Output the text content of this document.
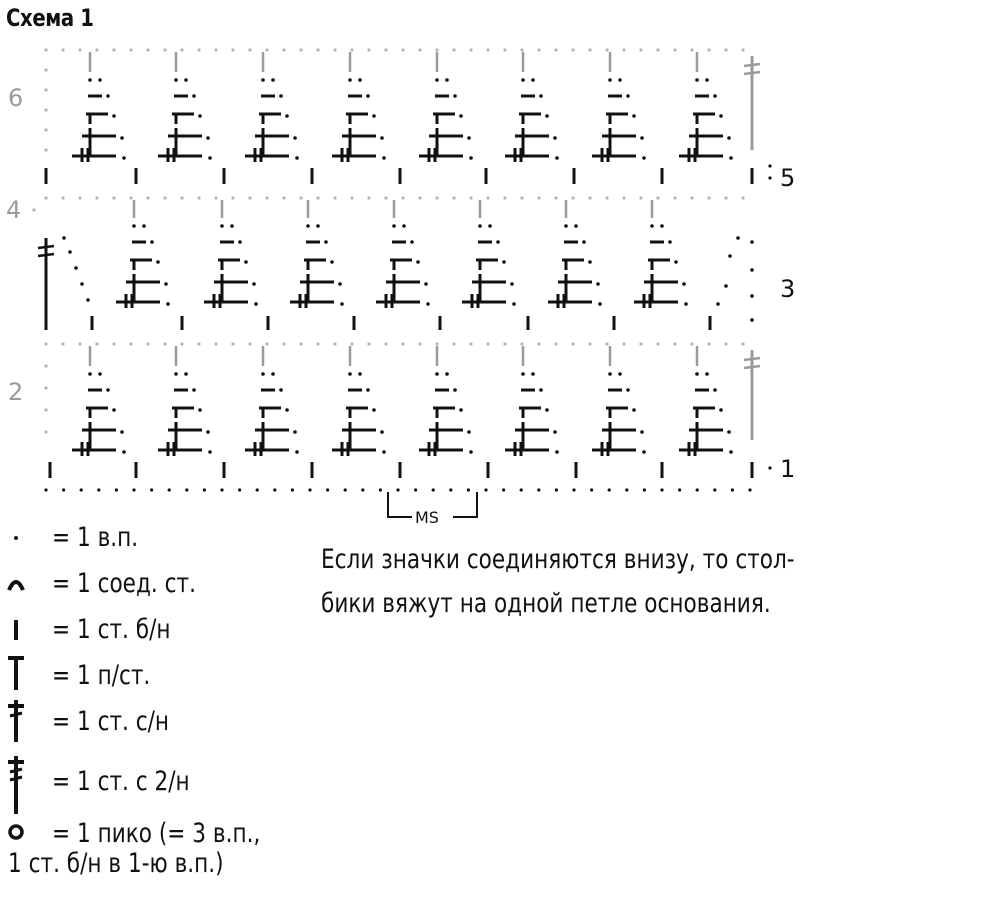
Схема 1
6
4
2
5
3
1
MS
= 1 в.п.
= 1 соед. ст.
= 1 ст. б/н
= 1 п/ст.
= 1 ст. с/н
= 1 ст. с 2/н
= 1 пико (= 3 в.п.,
1 ст. б/н в 1-ю в.п.)
Если значки соединяются внизу, то стол-
бики вяжут на одной петле основания.
